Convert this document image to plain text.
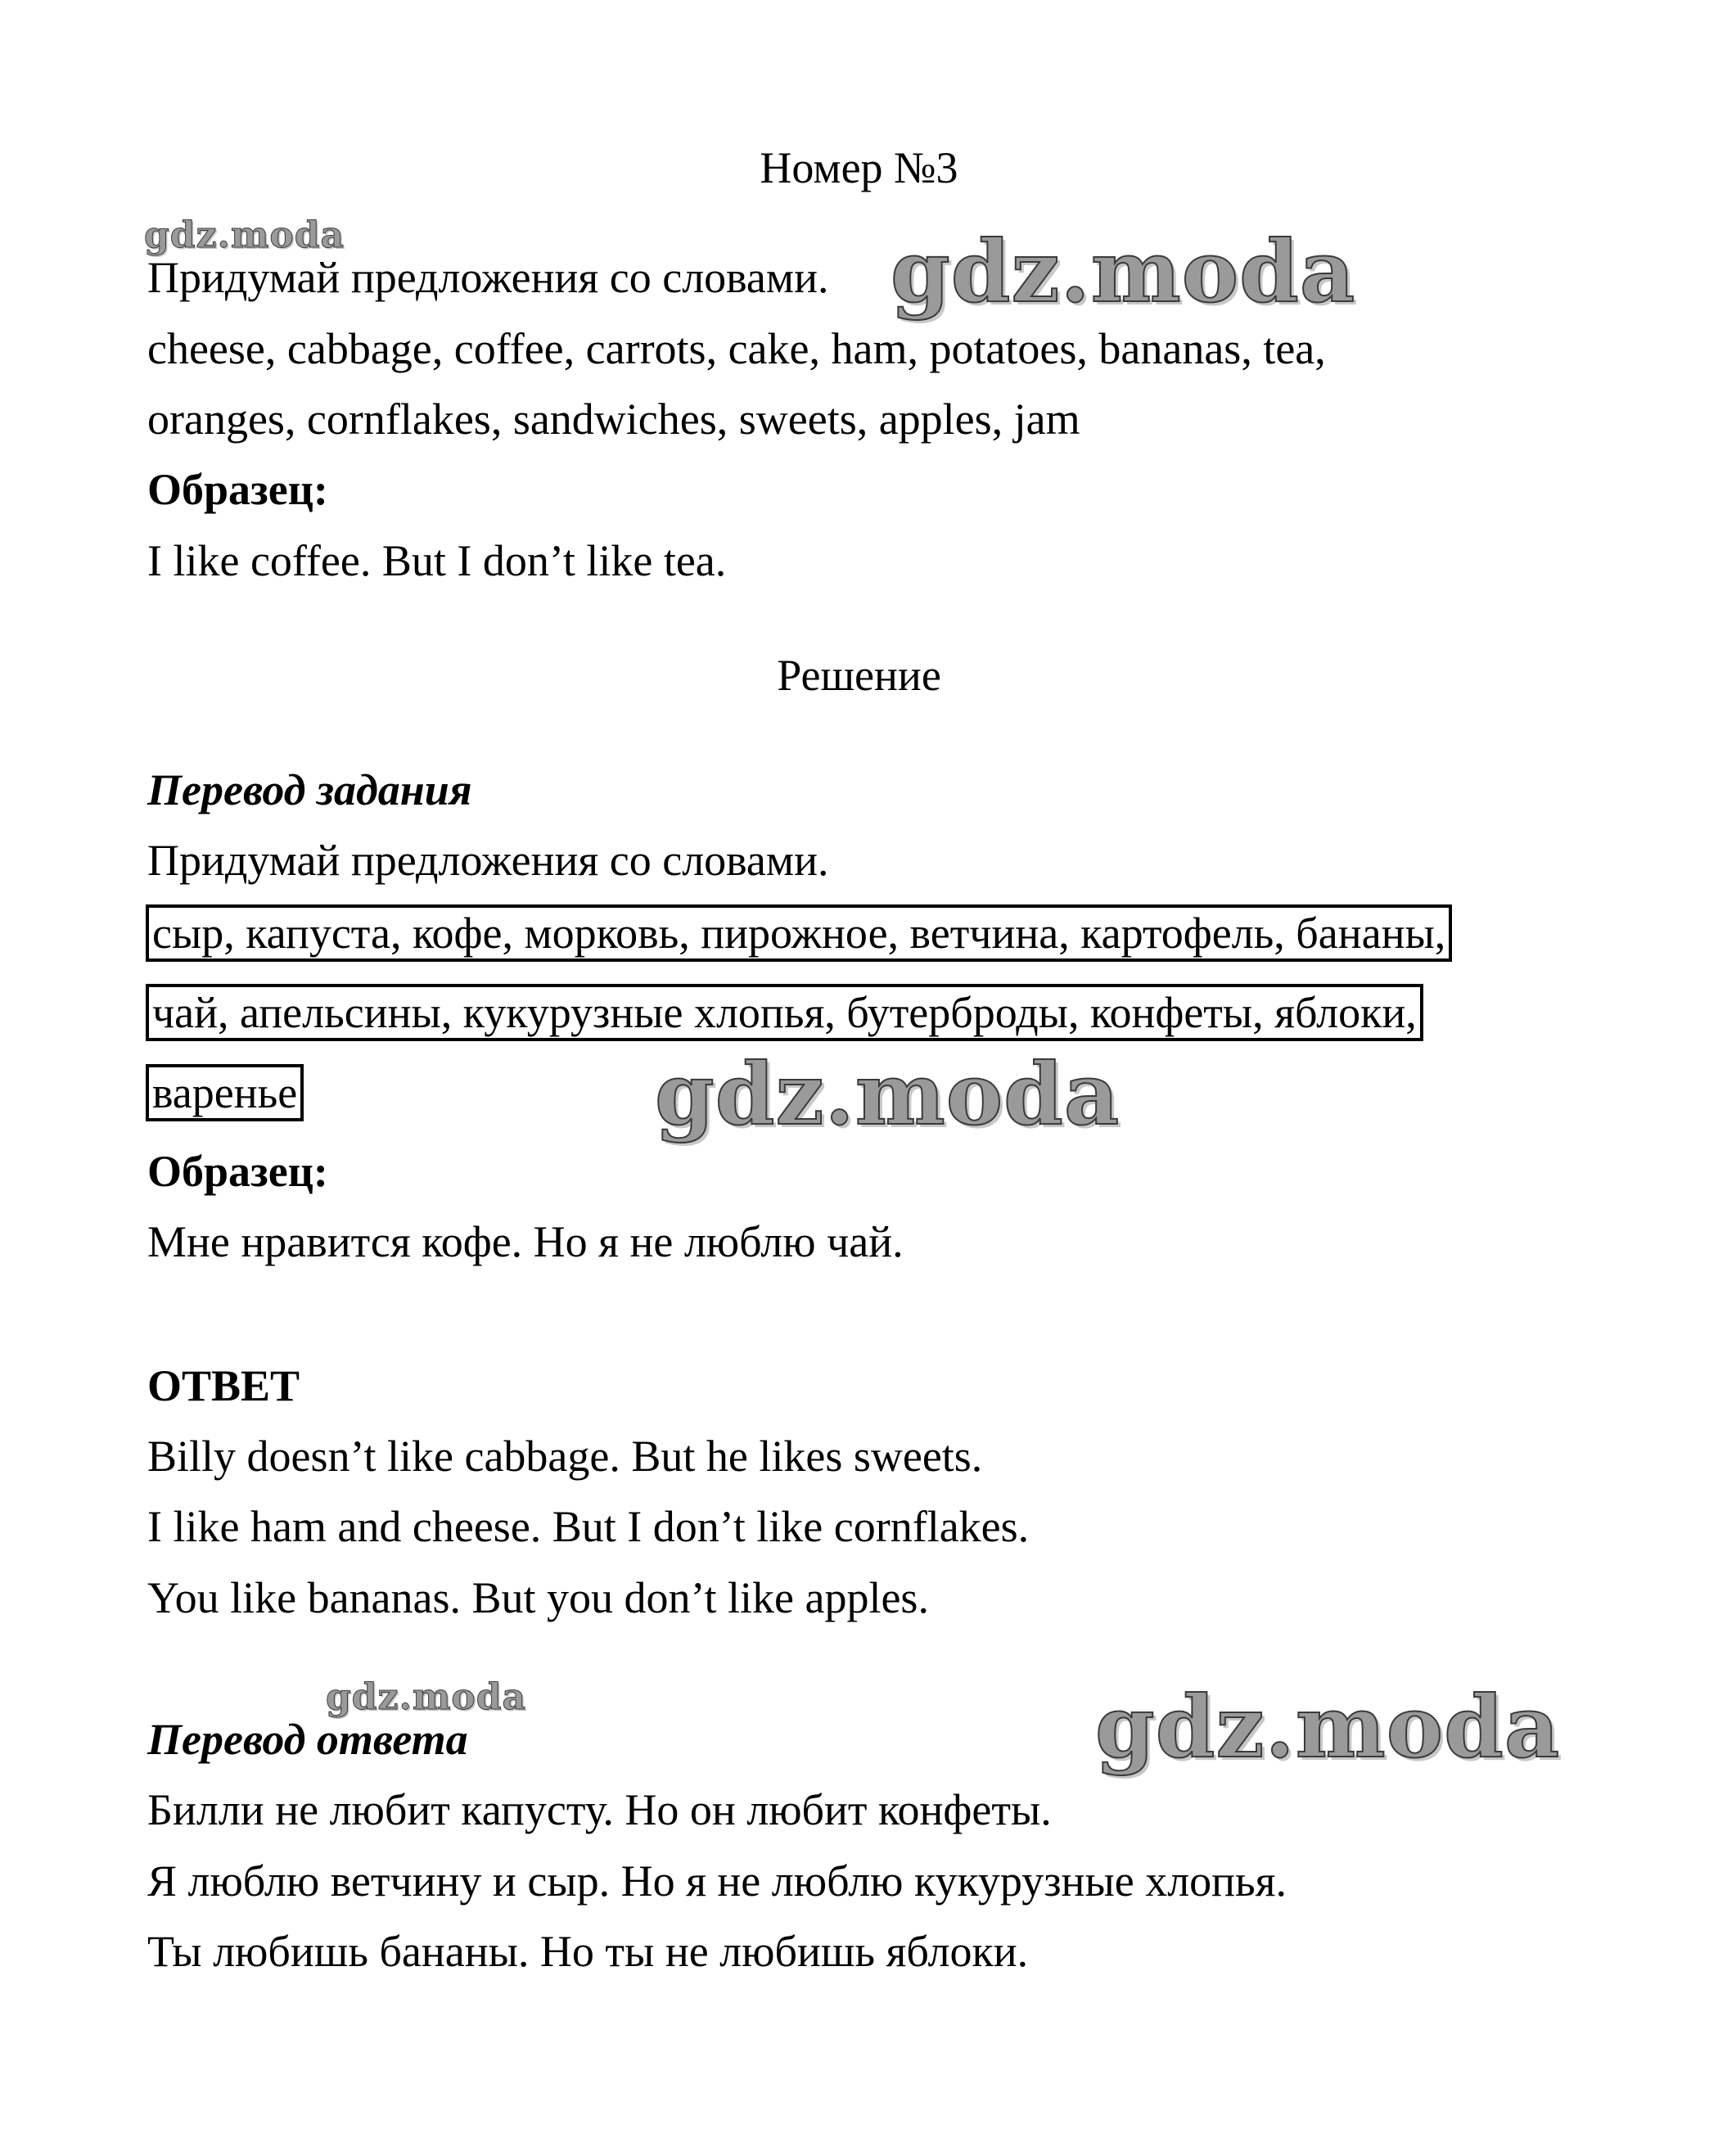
Номер №3
Придумай предложения со словами.
cheese, cabbage, coffee, carrots, cake, ham, potatoes, bananas, tea,
oranges, cornflakes, sandwiches, sweets, apples, jam
Образец:
I like coffee. But I don’t like tea.
Решение
Перевод задания
Придумай предложения со словами.
сыр, капуста, кофе, морковь, пирожное, ветчина, картофель, бананы,
чай, апельсины, кукурузные хлопья, бутерброды, конфеты, яблоки,
варенье
Образец:
Мне нравится кофе. Но я не люблю чай.
ОТВЕТ
Billy doesn’t like cabbage. But he likes sweets.
I like ham and cheese. But I don’t like cornflakes.
You like bananas. But you don’t like apples.
Перевод ответа
Билли не любит капусту. Но он любит конфеты.
Я люблю ветчину и сыр. Но я не люблю кукурузные хлопья.
Ты любишь бананы. Но ты не любишь яблоки.
gdz.moda	gdz.moda
gdz.moda
gdz.moda	gdz.moda
